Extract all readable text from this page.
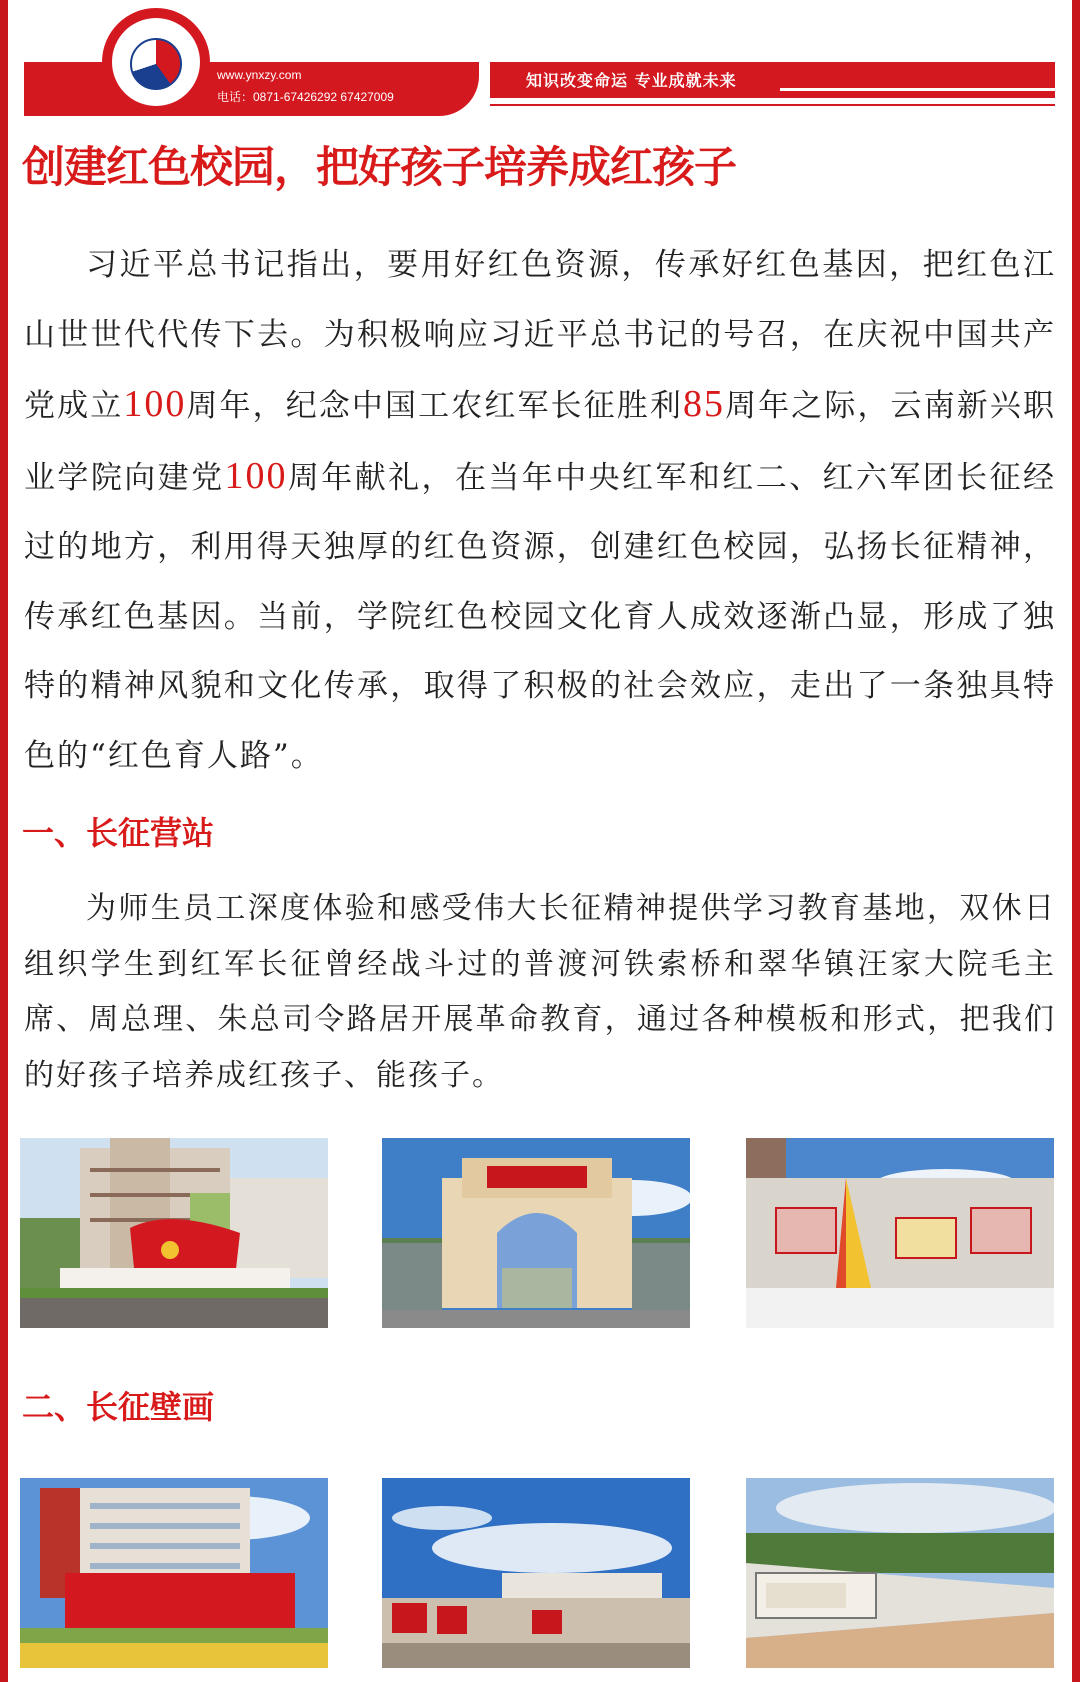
www.ynxzy.com
电话：0871-67426292 67427009
知识改变命运 专业成就未来
创建红色校园，把好孩子培养成红孩子

习近平总书记指出，要用好红色资源，传承好红色基因，把红色江山世世代代传下去。为积极响应习近平总书记的号召，在庆祝中国共产党成立100周年，纪念中国工农红军长征胜利85周年之际，云南新兴职业学院向建党100周年献礼，在当年中央红军和红二、红六军团长征经过的地方，利用得天独厚的红色资源，创建红色校园，弘扬长征精神，传承红色基因。当前，学院红色校园文化育人成效逐渐凸显，形成了独特的精神风貌和文化传承，取得了积极的社会效应，走出了一条独具特色的“红色育人路”。

一、长征营站

为师生员工深度体验和感受伟大长征精神提供学习教育基地，双休日组织学生到红军长征曾经战斗过的普渡河铁索桥和翠华镇汪家大院毛主席、周总理、朱总司令路居开展革命教育，通过各种模板和形式，把我们的好孩子培养成红孩子、能孩子。

二、长征壁画
